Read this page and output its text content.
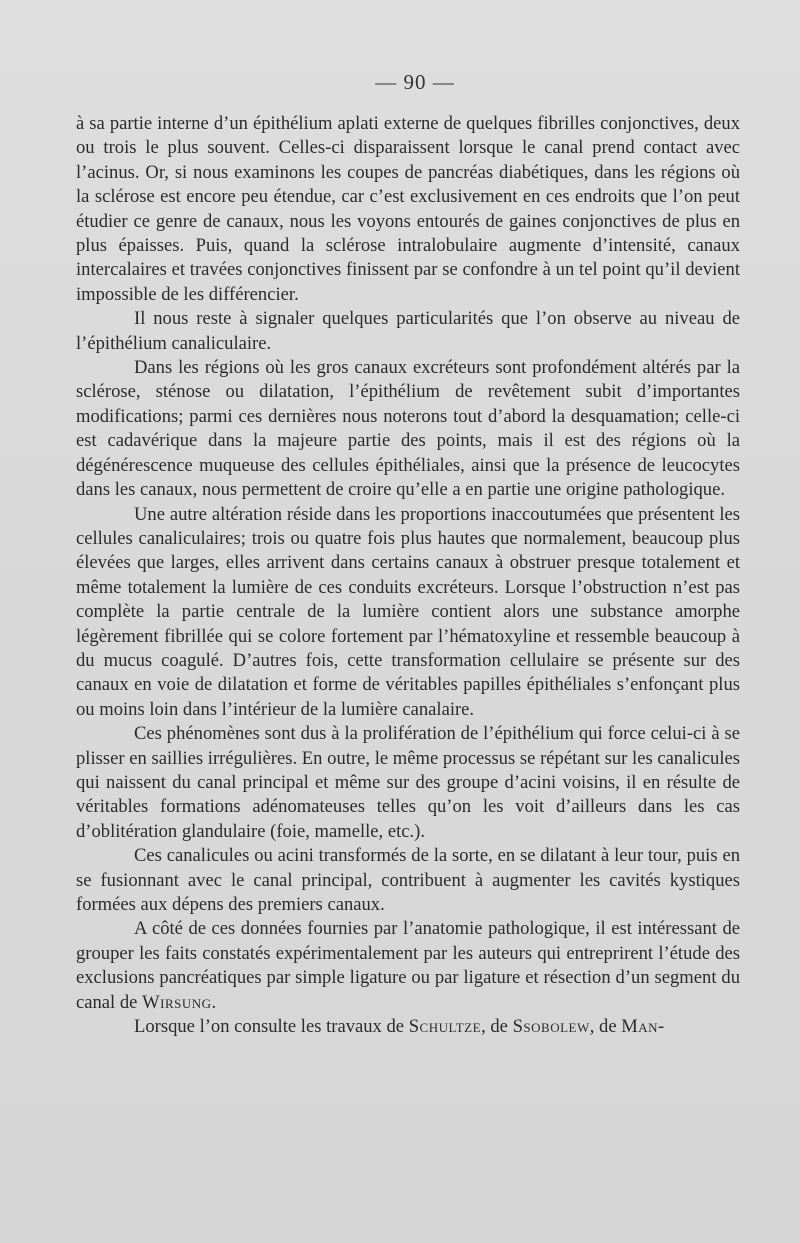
— 90 —

à sa partie interne d’un épithélium aplati externe de quelques fibrilles conjonctives, deux ou trois le plus souvent. Celles-ci disparaissent lorsque le canal prend contact avec l’acinus. Or, si nous examinons les coupes de pancréas diabétiques, dans les régions où la sclérose est encore peu étendue, car c’est exclusivement en ces endroits que l’on peut étudier ce genre de canaux, nous les voyons entourés de gaines conjonctives de plus en plus épaisses. Puis, quand la sclérose intralobulaire augmente d’intensité, canaux intercalaires et travées conjonctives finissent par se confondre à un tel point qu’il devient impossible de les différencier.

Il nous reste à signaler quelques particularités que l’on observe au niveau de l’épithélium canaliculaire.

Dans les régions où les gros canaux excréteurs sont profondément altérés par la sclérose, sténose ou dilatation, l’épithélium de revêtement subit d’importantes modifications; parmi ces dernières nous noterons tout d’abord la desquamation; celle-ci est cadavérique dans la majeure partie des points, mais il est des régions où la dégénérescence muqueuse des cellules épithéliales, ainsi que la présence de leucocytes dans les canaux, nous permettent de croire qu’elle a en partie une origine pathologique.

Une autre altération réside dans les proportions inaccoutumées que présentent les cellules canaliculaires; trois ou quatre fois plus hautes que normalement, beaucoup plus élevées que larges, elles arrivent dans certains canaux à obstruer presque totalement et même totalement la lumière de ces conduits excréteurs. Lorsque l’obstruction n’est pas complète la partie centrale de la lumière contient alors une substance amorphe légèrement fibrillée qui se colore fortement par l’hématoxyline et ressemble beaucoup à du mucus coagulé. D’autres fois, cette transformation cellulaire se présente sur des canaux en voie de dilatation et forme de véritables papilles épithéliales s’enfonçant plus ou moins loin dans l’intérieur de la lumière canalaire.

Ces phénomènes sont dus à la prolifération de l’épithélium qui force celui-ci à se plisser en saillies irrégulières. En outre, le même processus se répétant sur les canalicules qui naissent du canal principal et même sur des groupe d’acini voisins, il en résulte de véritables formations adénomateuses telles qu’on les voit d’ailleurs dans les cas d’oblitération glandulaire (foie, mamelle, etc.).

Ces canalicules ou acini transformés de la sorte, en se dilatant à leur tour, puis en se fusionnant avec le canal principal, contribuent à augmenter les cavités kystiques formées aux dépens des premiers canaux.

A côté de ces données fournies par l’anatomie pathologique, il est intéressant de grouper les faits constatés expérimentalement par les auteurs qui entreprirent l’étude des exclusions pancréatiques par simple ligature ou par ligature et résection d’un segment du canal de Wirsung.

Lorsque l’on consulte les travaux de Schultze, de Ssobolew, de Man-
